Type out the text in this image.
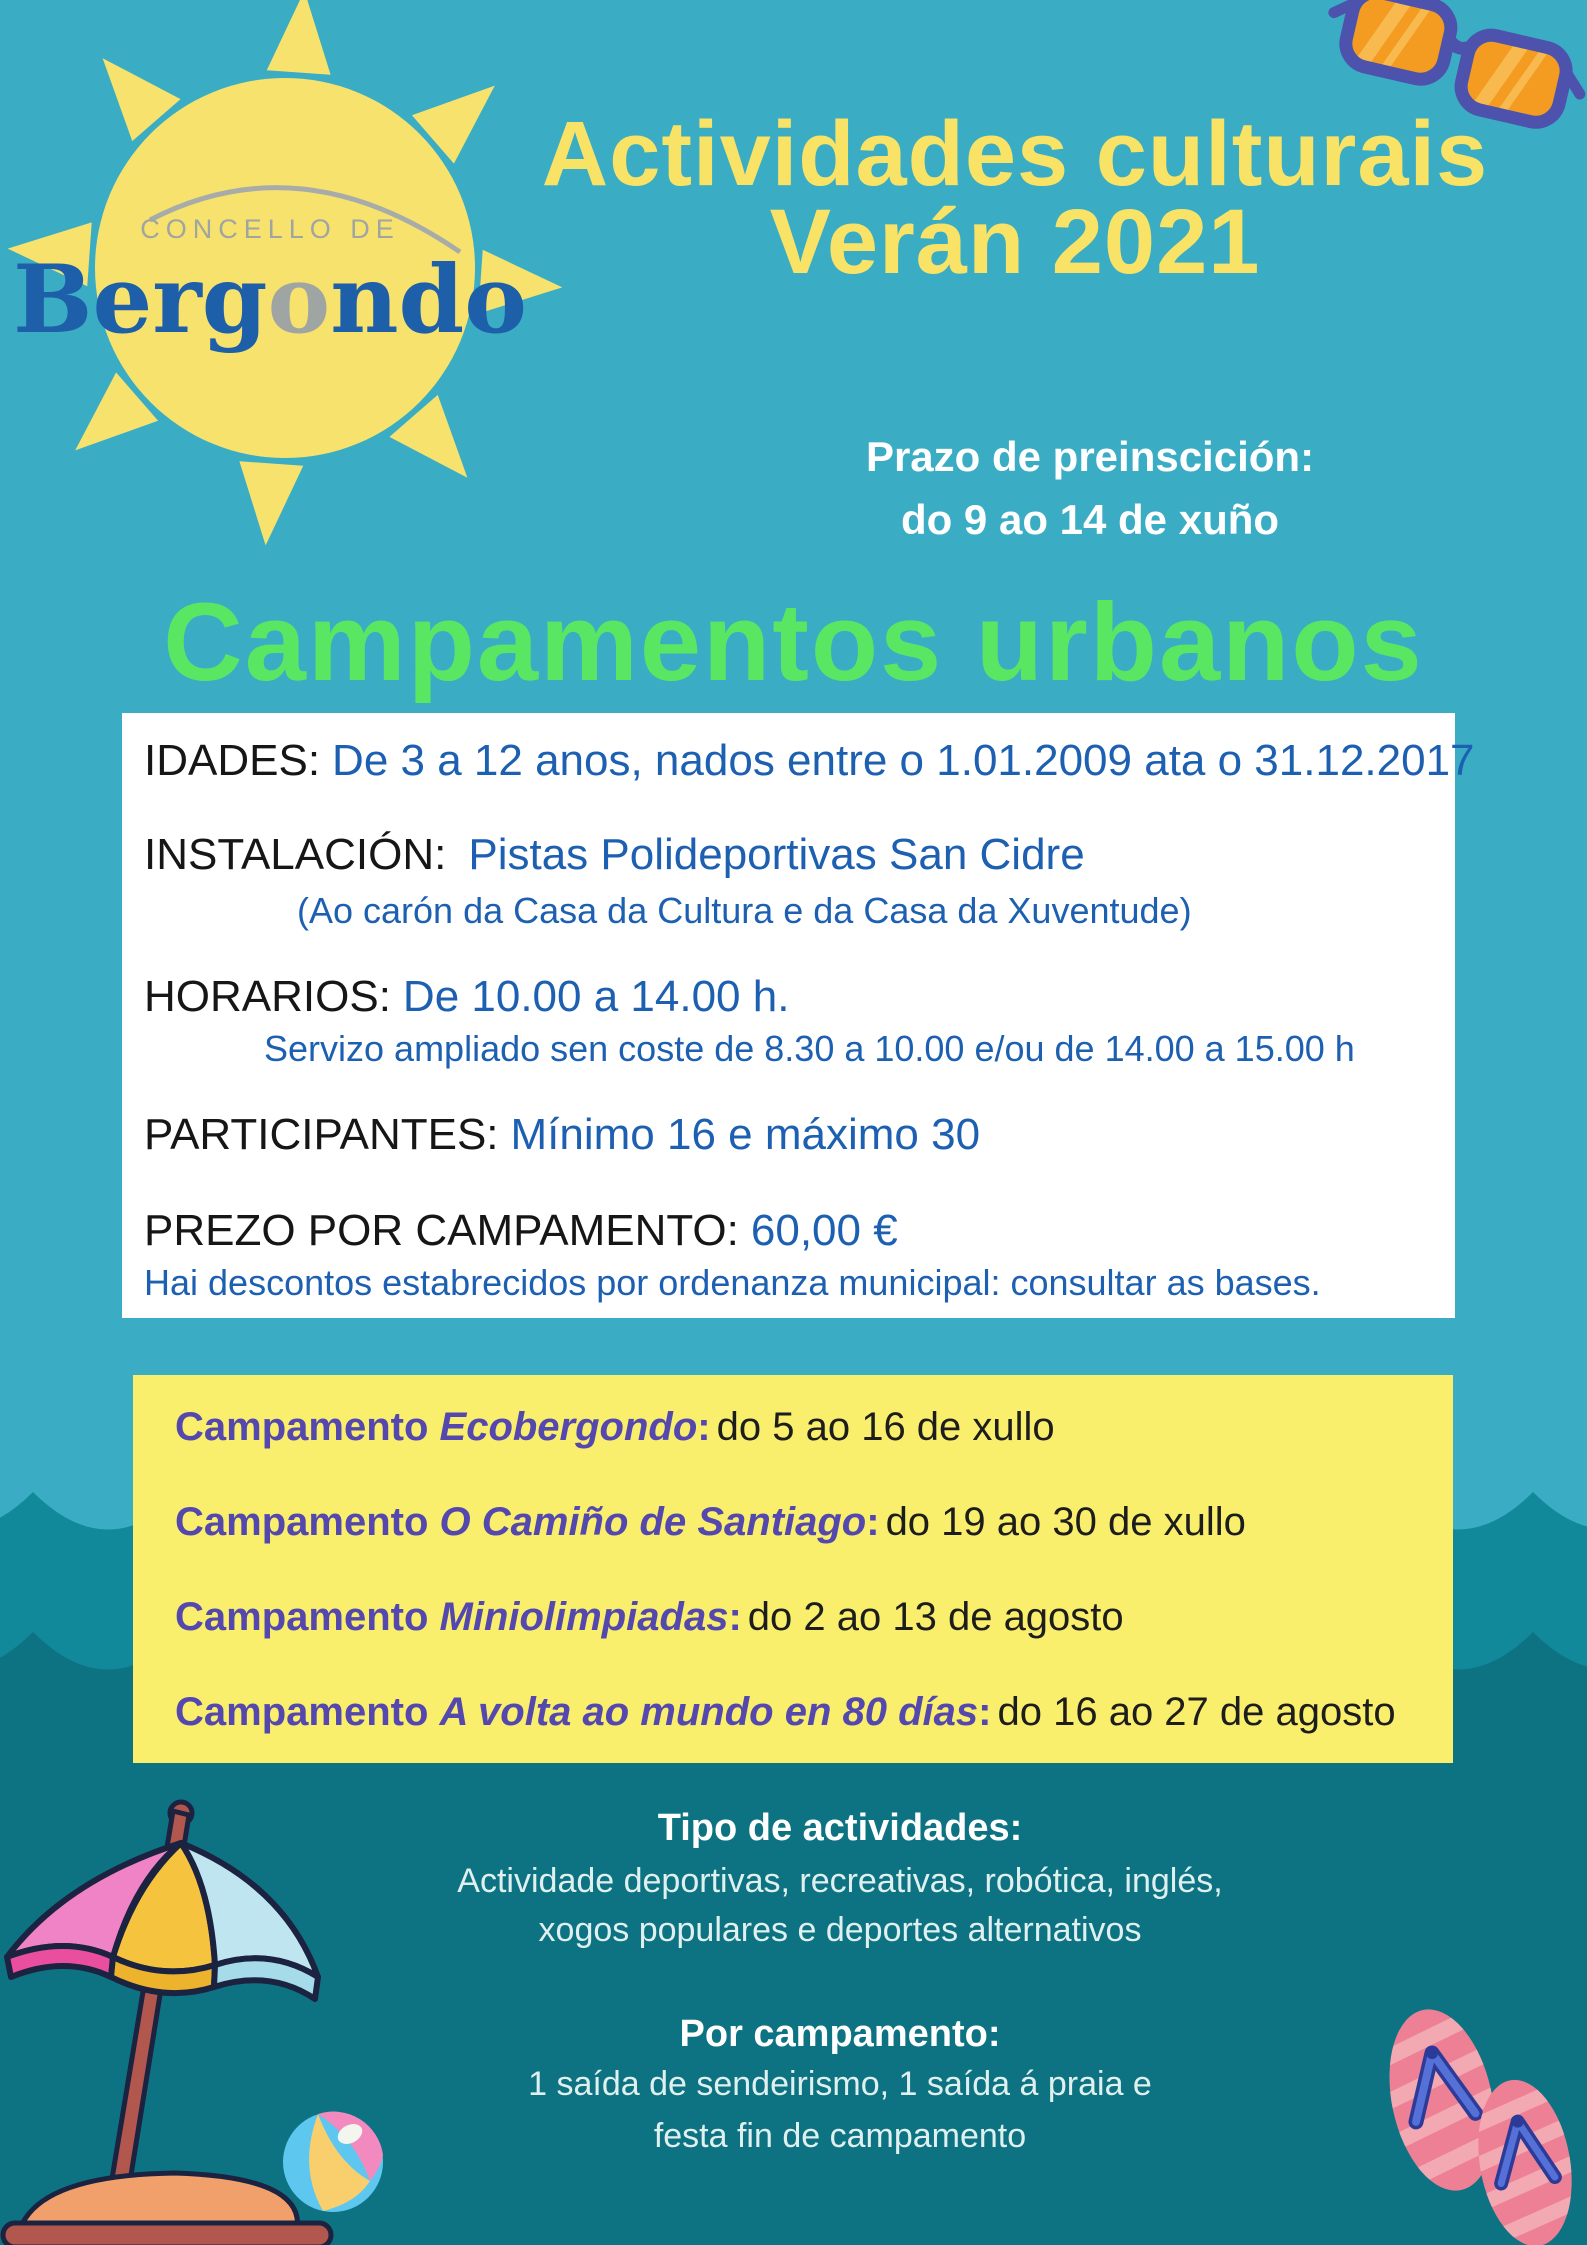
CONCELLO DE
Bergondo
Actividades culturais
Verán 2021
Prazo de preinscición:
do 9 ao 14 de xuño
Campamentos urbanos
IDADES: De 3 a 12 anos, nados entre o 1.01.2009 ata o 31.12.2017
INSTALACIÓN: Pistas Polideportivas San Cidre
(Ao carón da Casa da Cultura e da Casa da Xuventude)
HORARIOS: De 10.00 a 14.00 h.
Servizo ampliado sen coste de 8.30 a 10.00 e/ou de 14.00 a 15.00 h
PARTICIPANTES: Mínimo 16 e máximo 30
PREZO POR CAMPAMENTO: 60,00 €
Hai descontos estabrecidos por ordenanza municipal: consultar as bases.
Campamento Ecobergondo: do 5 ao 16 de xullo
Campamento O Camiño de Santiago: do 19 ao 30 de xullo
Campamento Miniolimpiadas: do 2 ao 13 de agosto
Campamento A volta ao mundo en 80 días: do 16 ao 27 de agosto
Tipo de actividades:
Actividade deportivas, recreativas, robótica, inglés,
xogos populares e deportes alternativos
Por campamento:
1 saída de sendeirismo, 1 saída á praia e
festa fin de campamento
